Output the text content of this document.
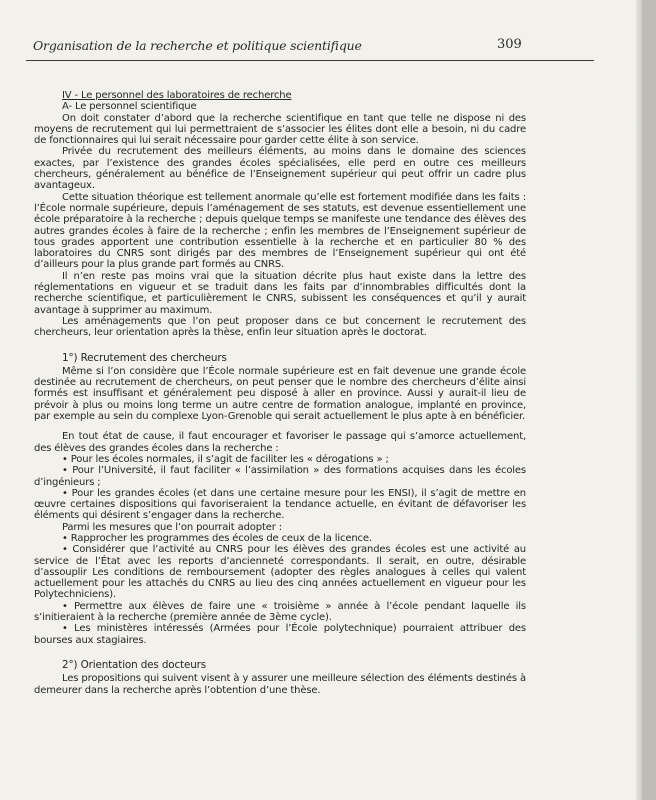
Organisation de la recherche et politique scientifique	309
IV - Le personnel des laboratoires de recherche
A- Le personnel scientifique

On doit constater d’abord que la recherche scientifique en tant que telle ne dispose ni des moyens de recrutement qui lui permettraient de s’associer les élites dont elle a besoin, ni du cadre de fonctionnaires qui lui serait nécessaire pour garder cette élite à son service.

Privée du recrutement des meilleurs éléments, au moins dans le domaine des sciences exactes, par l’existence des grandes écoles spécialisées, elle perd en outre ces meilleurs chercheurs, généralement au bénéfice de l’Enseignement supérieur qui peut offrir un cadre plus avantageux.

Cette situation théorique est tellement anormale qu’elle est fortement modifiée dans les faits : l’École normale supérieure, depuis l’aménagement de ses statuts, est devenue essentiellement une école préparatoire à la recherche ; depuis quelque temps se manifeste une tendance des élèves des autres grandes écoles à faire de la recherche ; enfin les membres de l’Enseignement supérieur de tous grades apportent une contribution essentielle à la recherche et en particulier 80 % des laboratoires du CNRS sont dirigés par des membres de l’Enseignement supérieur qui ont été d’ailleurs pour la plus grande part formés au CNRS.

Il n’en reste pas moins vrai que la situation décrite plus haut existe dans la lettre des réglementations en vigueur et se traduit dans les faits par d’innombrables difficultés dont la recherche scientifique, et particulièrement le CNRS, subissent les conséquences et qu’il y aurait avantage à supprimer au maximum.

Les aménagements que l’on peut proposer dans ce but concernent le recrutement des chercheurs, leur orientation après la thèse, enfin leur situation après le doctorat.

1°) Recrutement des chercheurs

Même si l’on considère que l’École normale supérieure est en fait devenue une grande école destinée au recrutement de chercheurs, on peut penser que le nombre des chercheurs d’élite ainsi formés est insuffisant et généralement peu disposé à aller en province. Aussi y aurait-il lieu de prévoir à plus ou moins long terme un autre centre de formation analogue, implanté en province, par exemple au sein du complexe Lyon-Grenoble qui serait actuellement le plus apte à en bénéficier.

En tout état de cause, il faut encourager et favoriser le passage qui s’amorce actuellement, des élèves des grandes écoles dans la recherche :

• Pour les écoles normales, il s’agit de faciliter les « dérogations » ;
• Pour l’Université, il faut faciliter « l’assimilation » des formations acquises dans les écoles d’ingénieurs ;
• Pour les grandes écoles (et dans une certaine mesure pour les ENSI), il s’agit de mettre en œuvre certaines dispositions qui favoriseraient la tendance actuelle, en évitant de défavoriser les éléments qui désirent s’engager dans la recherche.

Parmi les mesures que l’on pourrait adopter :

• Rapprocher les programmes des écoles de ceux de la licence.
• Considérer que l’activité au CNRS pour les élèves des grandes écoles est une activité au service de l’État avec les reports d’ancienneté correspondants. Il serait, en outre, désirable d’assouplir Les conditions de remboursement (adopter des règles analogues à celles qui valent actuellement pour les attachés du CNRS au lieu des cinq années actuellement en vigueur pour les Polytechniciens).
• Permettre aux élèves de faire une « troisième » année à l’école pendant laquelle ils s’initieraient à la recherche (première année de 3ème cycle).
• Les ministères intéressés (Armées pour l’École polytechnique) pourraient attribuer des bourses aux stagiaires.
2°) Orientation des docteurs

Les propositions qui suivent visent à y assurer une meilleure sélection des éléments destinés à demeurer dans la recherche après l’obtention d’une thèse.
